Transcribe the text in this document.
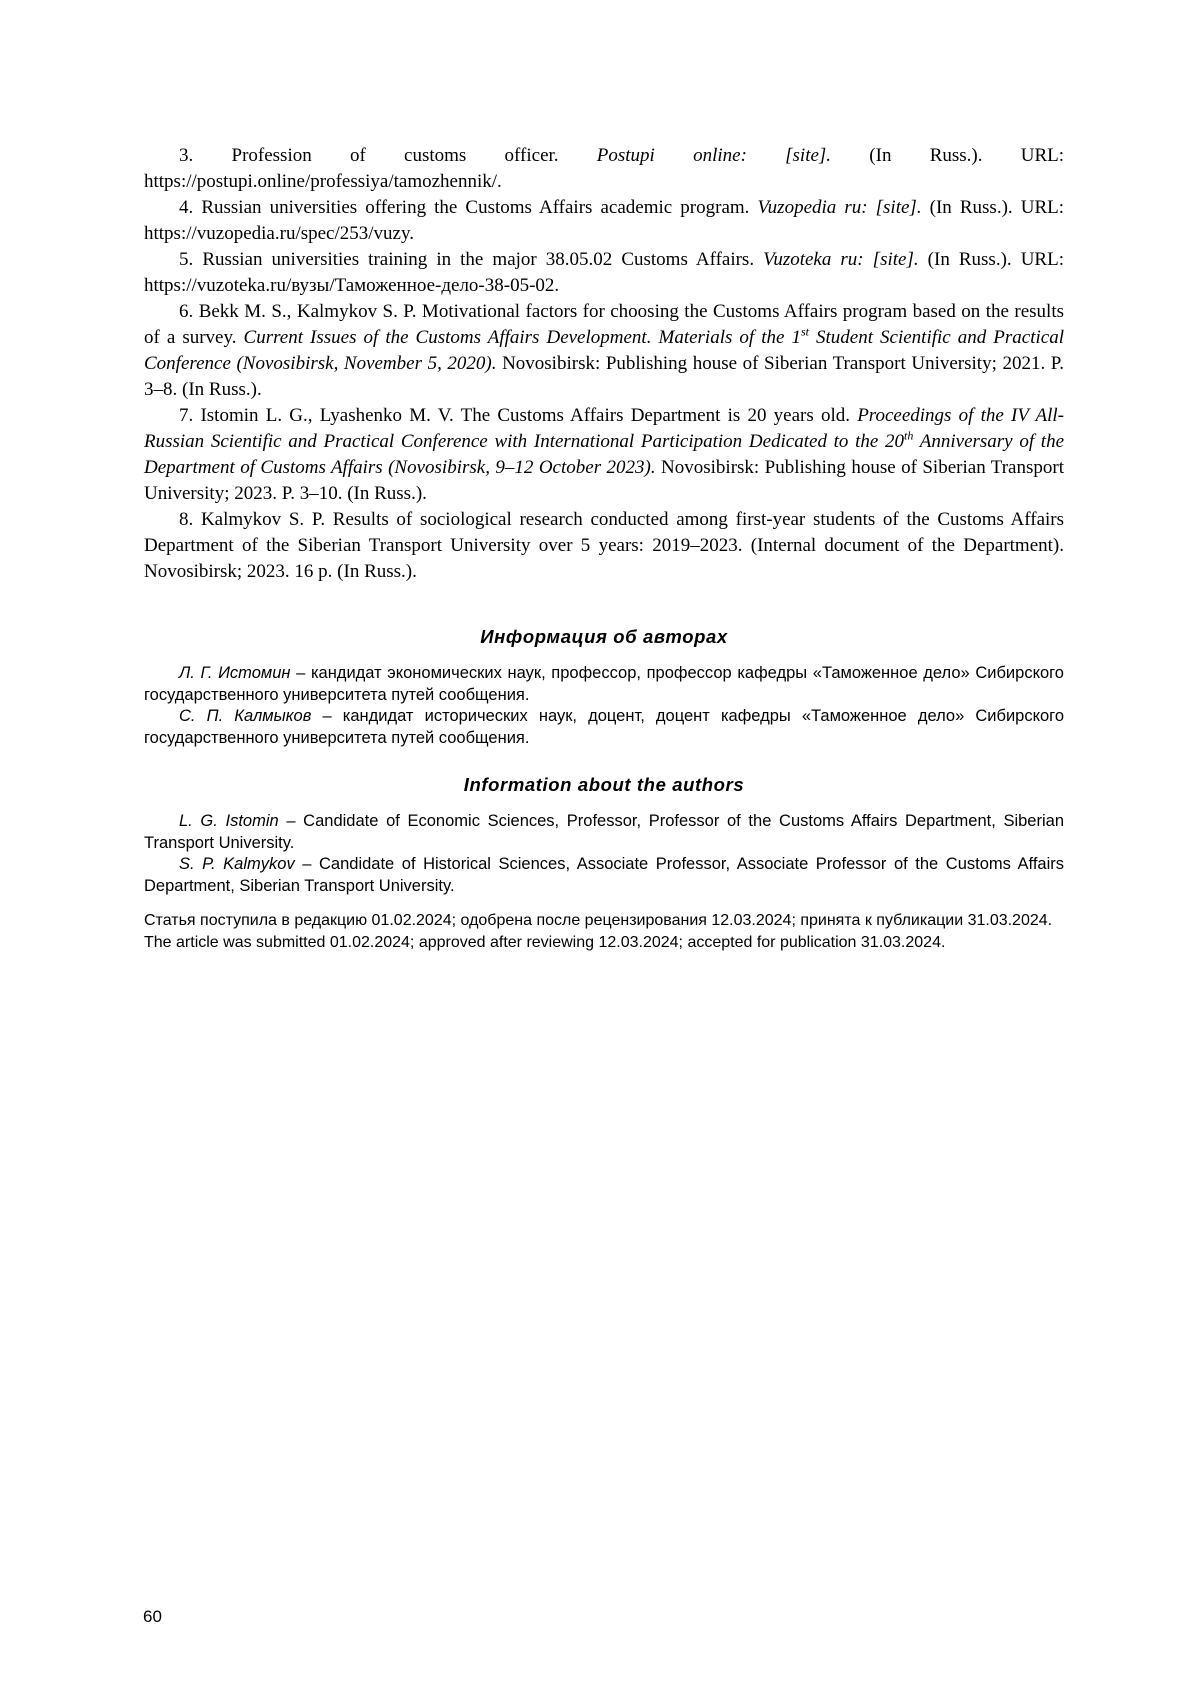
3. Profession of customs officer. Postupi online: [site]. (In Russ.). URL: https://postupi.online/professiya/tamozhennik/.

4. Russian universities offering the Customs Affairs academic program. Vuzopedia ru: [site]. (In Russ.). URL: https://vuzopedia.ru/spec/253/vuzy.

5. Russian universities training in the major 38.05.02 Customs Affairs. Vuzoteka ru: [site]. (In Russ.). URL: https://vuzoteka.ru/вузы/Таможенное-дело-38-05-02.

6. Bekk M. S., Kalmykov S. P. Motivational factors for choosing the Customs Affairs program based on the results of a survey. Current Issues of the Customs Affairs Development. Materials of the 1st Student Scientific and Practical Conference (Novosibirsk, November 5, 2020). Novosibirsk: Publishing house of Siberian Transport University; 2021. P. 3–8. (In Russ.).

7. Istomin L. G., Lyashenko M. V. The Customs Affairs Department is 20 years old. Proceedings of the IV All-Russian Scientific and Practical Conference with International Participation Dedicated to the 20th Anniversary of the Department of Customs Affairs (Novosibirsk, 9–12 October 2023). Novosibirsk: Publishing house of Siberian Transport University; 2023. P. 3–10. (In Russ.).

8. Kalmykov S. P. Results of sociological research conducted among first-year students of the Customs Affairs Department of the Siberian Transport University over 5 years: 2019–2023. (Internal document of the Department). Novosibirsk; 2023. 16 p. (In Russ.).

Информация об авторах

Л. Г. Истомин – кандидат экономических наук, профессор, профессор кафедры «Таможенное дело» Сибирского государственного университета путей сообщения.

С. П. Калмыков – кандидат исторических наук, доцент, доцент кафедры «Таможенное дело» Сибирского государственного университета путей сообщения.

Information about the authors

L. G. Istomin – Candidate of Economic Sciences, Professor, Professor of the Customs Affairs Department, Siberian Transport University.

S. P. Kalmykov – Candidate of Historical Sciences, Associate Professor, Associate Professor of the Customs Affairs Department, Siberian Transport University.

Статья поступила в редакцию 01.02.2024; одобрена после рецензирования 12.03.2024; принята к публика­ции 31.03.2024.

The article was submitted 01.02.2024; approved after reviewing 12.03.2024; accepted for publication 31.03.2024.

60
